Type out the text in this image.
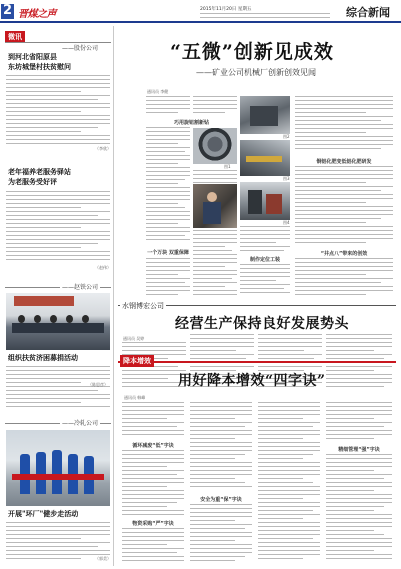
2 晋煤之声	2015年11月20日 星期五	综合新闻
微讯
——股份公司
到河北省阳原县
东坊城堡村扶贫慰问
（李欣）
老年福养老服务驿站
为老服务受好评
（赵伟）
——赵铁公司
组织扶贫济困募捐活动
（陈思彦）
——冷轧公司
开展"环厂"健步走活动
（郭美）
“五微”创新见成效
——矿业公司机械厂创新创效见闻
通讯员 李健
巧用旋钮割新钻
图1
一个万块 双重保障
图2
图3
图4
制作定位工装
铜铝化肥变低铝化肥研发
“井点八”带来的创效
水钢博宏公司
经营生产保持良好发展势头
通讯员 吴婷
降本增效
用好降本增效“四字诀”
通讯员 韩峰
循环减废“低”字诀
物资采购“严”字诀
安全为重“保”字诀
精细管理“强”字诀
